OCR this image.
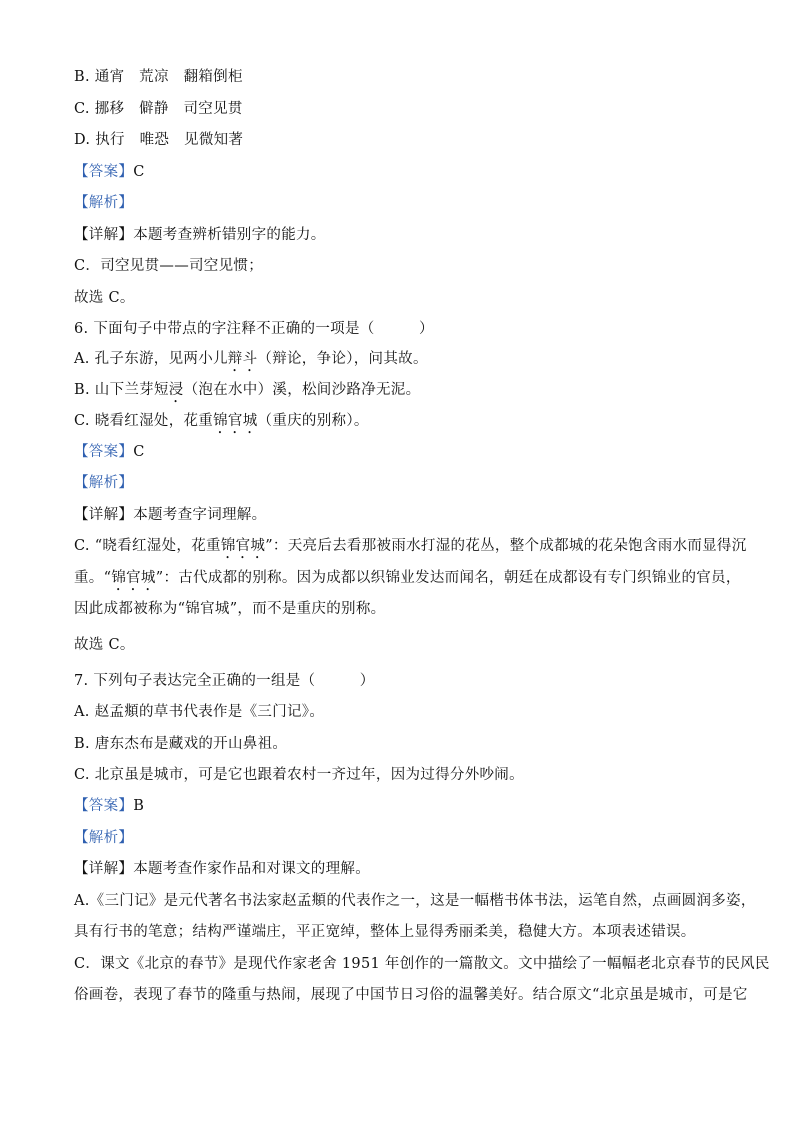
B. 通宵　荒凉　翻箱倒柜
C. 挪移　僻静　司空见贯
D. 执行　唯恐　见微知著
【答案】C
【解析】
【详解】本题考查辨析错别字的能力。
C．司空见贯——司空见惯；
故选 C。
6. 下面句子中带点的字注释不正确的一项是（　　　）
A. 孔子东游，见两小儿辩斗（辩论，争论），问其故。
B. 山下兰芽短浸（泡在水中）溪，松间沙路净无泥。
C. 晓看红湿处，花重锦官城（重庆的别称）。
【答案】C
【解析】
【详解】本题考查字词理解。
C. “晓看红湿处，花重锦官城”：天亮后去看那被雨水打湿的花丛，整个成都城的花朵饱含雨水而显得沉
重。“锦官城”：古代成都的别称。因为成都以织锦业发达而闻名，朝廷在成都设有专门织锦业的官员，
因此成都被称为“锦官城”，而不是重庆的别称。
故选 C。
7. 下列句子表达完全正确的一组是（　　　）
A. 赵孟頫的草书代表作是《三门记》。
B. 唐东杰布是藏戏的开山鼻祖。
C. 北京虽是城市，可是它也跟着农村一齐过年，因为过得分外吵闹。
【答案】B
【解析】
【详解】本题考查作家作品和对课文的理解。
A.《三门记》是元代著名书法家赵孟頫的代表作之一，这是一幅楷书体书法，运笔自然，点画圆润多姿，
具有行书的笔意；结构严谨端庄，平正宽绰，整体上显得秀丽柔美，稳健大方。本项表述错误。
C．课文《北京的春节》是现代作家老舍 1951 年创作的一篇散文。文中描绘了一幅幅老北京春节的民风民
俗画卷，表现了春节的隆重与热闹，展现了中国节日习俗的温馨美好。结合原文“北京虽是城市，可是它
